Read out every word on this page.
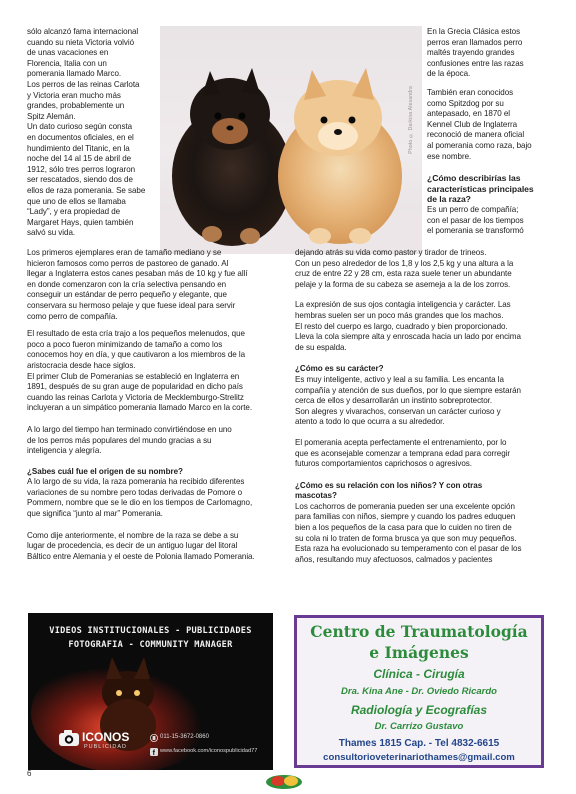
sólo alcanzó fama internacional
cuando su nieta Victoria volvió
de unas vacaciones en
Florencia, Italia con un
pomerania llamado Marco.
Los perros de las reinas Carlota
y Victoria eran mucho más
grandes, probablemente un
Spitz Alemán.
Un dato curioso según consta
en documentos oficiales, en el
hundimiento del Titanic, en la
noche del 14 al 15 de abril de
1912, sólo tres perros lograron
ser rescatados, siendo dos de
ellos de raza pomerania. Se sabe
que uno de ellos se llamaba
“Lady”, y era propiedad de
Margaret Hays, quien también
salvó su vida.

Photo © Darkina Alexandra

Los primeros ejemplares eran de tamaño mediano y se
hicieron famosos como perros de pastoreo de ganado. Al
llegar a Inglaterra estos canes pesaban más de 10 kg y fue allí
en donde comenzaron con la cría selectiva pensando en
conseguir un estándar de perro pequeño y elegante, que
conservara su hermoso pelaje y que fuese ideal para servir
como perro de compañía.

El resultado de esta cría trajo a los pequeños melenudos, que
poco a poco fueron minimizando de tamaño a como los
conocemos hoy en día, y que cautivaron a los miembros de la
aristocracia desde hace siglos.
El primer Club de Pomeranias se estableció en Inglaterra en
1891, después de su gran auge de popularidad en dicho país
cuando las reinas Carlota y Victoria de Mecklemburgo-Strelitz
incluyeran a un simpático pomerania llamado Marco en la corte.

A lo largo del tiempo han terminado convirtiéndose en uno
de los perros más populares del mundo gracias a su
inteligencia y alegría.

¿Sabes cuál fue el origen de su nombre?

A lo largo de su vida, la raza pomerania ha recibido diferentes
variaciones de su nombre pero todas derivadas de Pomore o
Pommern, nombre que se le dio en los tiempos de Carlomagno,
que significa “junto al mar” Pomerania.

Como dije anteriormente, el nombre de la raza se debe a su
lugar de procedencia, es decir de un antiguo lugar del litoral
Báltico entre Alemania y el oeste de Polonia llamado Pomerania.

En la Grecia Clásica estos
perros eran llamados perro
maltés trayendo grandes
confusiones entre las razas
de la época.

También eran conocidos
como Spitzdog por su
antepasado, en 1870 el
Kennel Club de Inglaterra
reconoció de manera oficial
al pomerania como raza, bajo
ese nombre.

¿Cómo describirías las
características principales
de la raza?

Es un perro de compañía;
con el pasar de los tiempos
el pomerania se transformó

dejando atrás su vida como pastor y tirador de trineos.
Con un peso alrededor de los 1,8 y los 2,5 kg y una altura a la
cruz de entre 22 y 28 cm, esta raza suele tener un abundante
pelaje y la forma de su cabeza se asemeja a la de los zorros.

La expresión de sus ojos contagia inteligencia y carácter. Las
hembras suelen ser un poco más grandes que los machos.
El resto del cuerpo es largo, cuadrado y bien proporcionado.
Lleva la cola siempre alta y enroscada hacia un lado por encima
de su espalda.

¿Cómo es su carácter?

Es muy inteligente, activo y leal a su familia. Les encanta la
compañía y atención de sus dueños, por lo que siempre estarán
cerca de ellos y desarrollarán un instinto sobreprotector.
Son alegres y vivarachos, conservan un carácter curioso y
atento a todo lo que ocurra a su alrededor.

El pomerania acepta perfectamente el entrenamiento, por lo
que es aconsejable comenzar a temprana edad para corregir
futuros comportamientos caprichosos o agresivos.

¿Cómo es su relación con los niños? Y con otras
mascotas?

Los cachorros de pomerania pueden ser una excelente opción
para familias con niños, siempre y cuando los padres eduquen
bien a los pequeños de la casa para que lo cuiden no tiren de
su cola ni lo traten de forma brusca ya que son muy pequeños.
Esta raza ha evolucionado su temperamento con el pasar de los
años, resultando muy afectuosos, calmados y pacientes

VIDEOS INSTITUCIONALES - PUBLICIDADES
FOTOGRAFIA - COMMUNITY MANAGER
ICONOS
PUBLICIDAD
011-15-3672-0860
f www.facebook.com/iconospublicidad77
Centro de Traumatología
e Imágenes
Clínica - Cirugía
Dra. Kina Ane - Dr. Oviedo Ricardo
Radiología y Ecografías
Dr. Carrizo Gustavo
Thames 1815 Cap. - Tel 4832-6615
consultorioveterinariothames@gmail.com
6
